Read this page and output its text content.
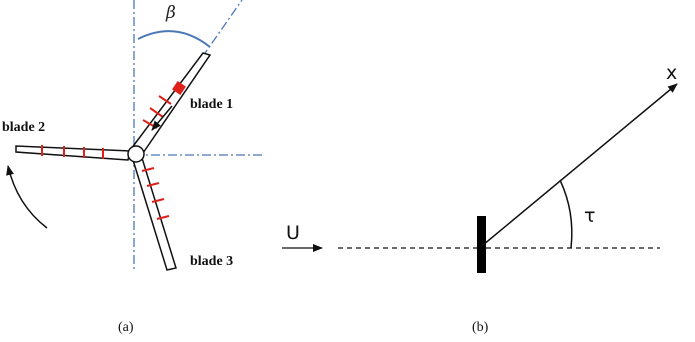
β
blade 1
blade 2
blade 3
(a)
U
x
τ
(b)
